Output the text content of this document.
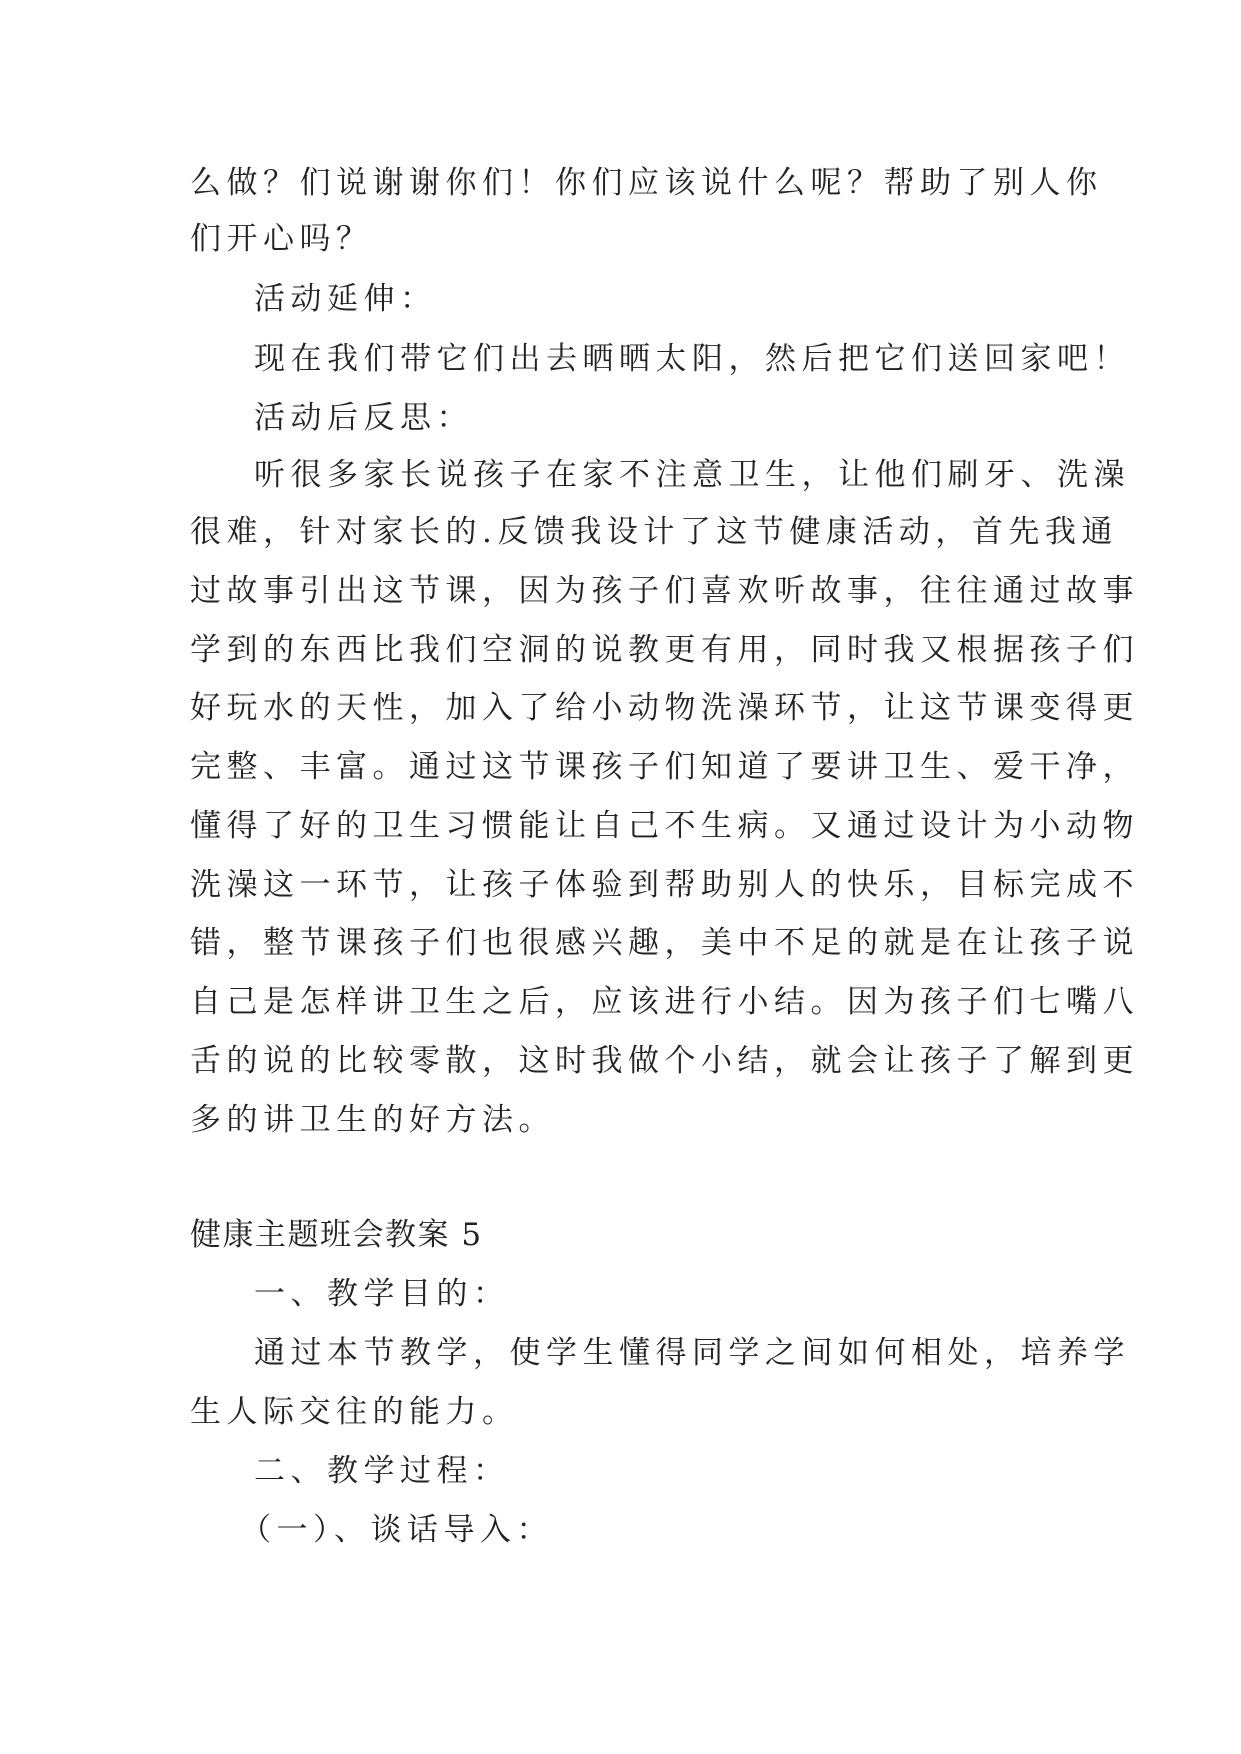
么做？们说谢谢你们！你们应该说什么呢？帮助了别人你
们开心吗？
活动延伸：
现在我们带它们出去晒晒太阳，然后把它们送回家吧！
活动后反思：
听很多家长说孩子在家不注意卫生，让他们刷牙、洗澡
很难，针对家长的.反馈我设计了这节健康活动，首先我通
过故事引出这节课，因为孩子们喜欢听故事，往往通过故事
学到的东西比我们空洞的说教更有用，同时我又根据孩子们
好玩水的天性，加入了给小动物洗澡环节，让这节课变得更
完整、丰富。通过这节课孩子们知道了要讲卫生、爱干净，
懂得了好的卫生习惯能让自己不生病。又通过设计为小动物
洗澡这一环节，让孩子体验到帮助别人的快乐，目标完成不
错，整节课孩子们也很感兴趣，美中不足的就是在让孩子说
自己是怎样讲卫生之后，应该进行小结。因为孩子们七嘴八
舌的说的比较零散，这时我做个小结，就会让孩子了解到更
多的讲卫生的好方法。
健康主题班会教案 5
一、教学目的：
通过本节教学，使学生懂得同学之间如何相处，培养学
生人际交往的能力。
二、教学过程：
（一）、谈话导入：
